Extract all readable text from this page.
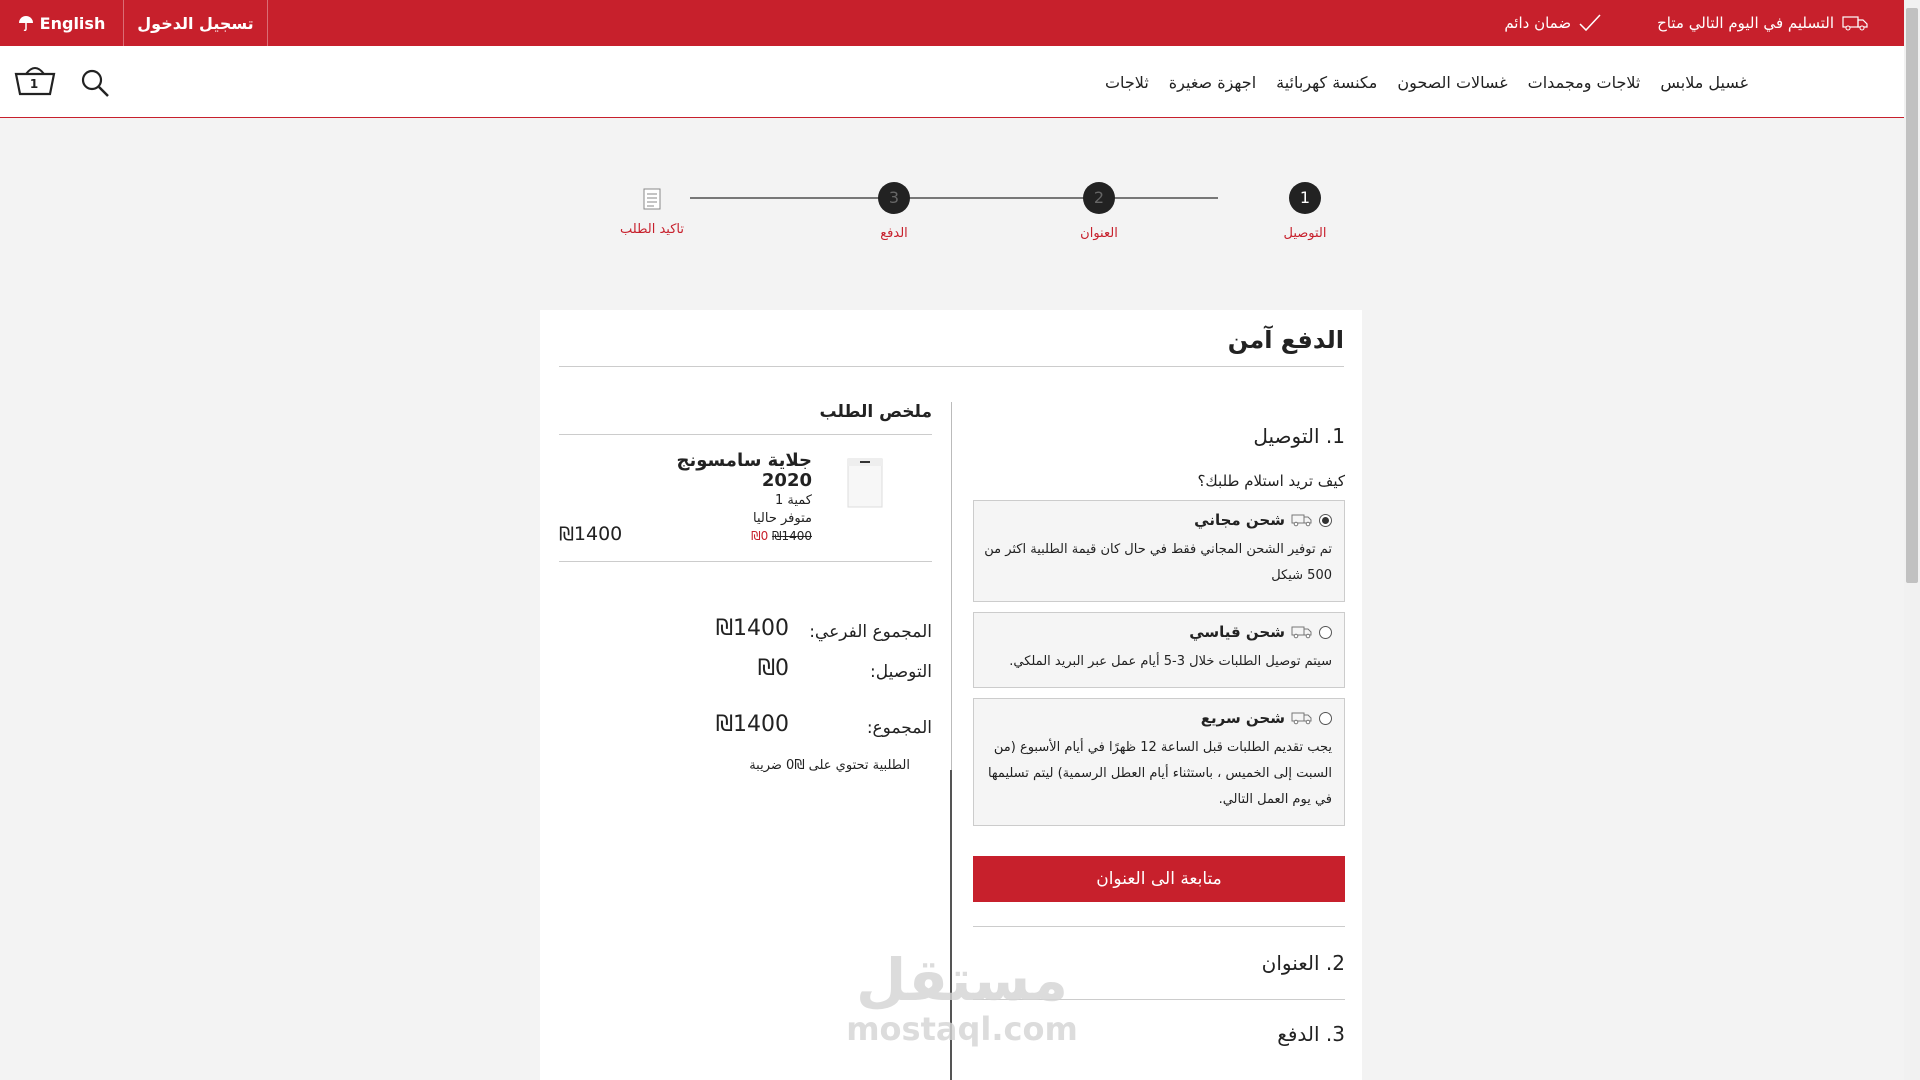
English	تسجيل الدخول	التسليم في اليوم التالي متاح
ضمان دائم
1	غسيل ملابس
ثلاجات ومجمدات
غسالات الصحون
مكنسة كهربائية
اجهزة صغيرة
ثلاجات
1
التوصيل
2
العنوان
3
الدفع
تاكيد الطلب
الدفع آمن
1. التوصيل
كيف تريد استلام طلبك؟
شحن مجاني
تم توفير الشحن المجاني فقط في حال كان قيمة الطلبية اكثر من 500 شيكل
شحن قياسي
سيتم توصيل الطلبات خلال 3-5 أيام عمل عبر البريد الملكي.
شحن سريع
يجب تقديم الطلبات قبل الساعة 12 ظهرًا في أيام الأسبوع (من السبت إلى الخميس ، باستثناء أيام العطل الرسمية) ليتم تسليمها في يوم العمل التالي.
متابعة الى العنوان
2. العنوان
3. الدفع
ملخص الطلب
جلاية سامسونج 2020
كمية 1
متوفر حاليا
₪1400 ₪0
₪1400
المجموع الفرعي:
₪1400
التوصيل:
₪0
المجموع:
₪1400
الطلبية تحتوي على ₪0 ضريبة
مستقل
mostaql.com
